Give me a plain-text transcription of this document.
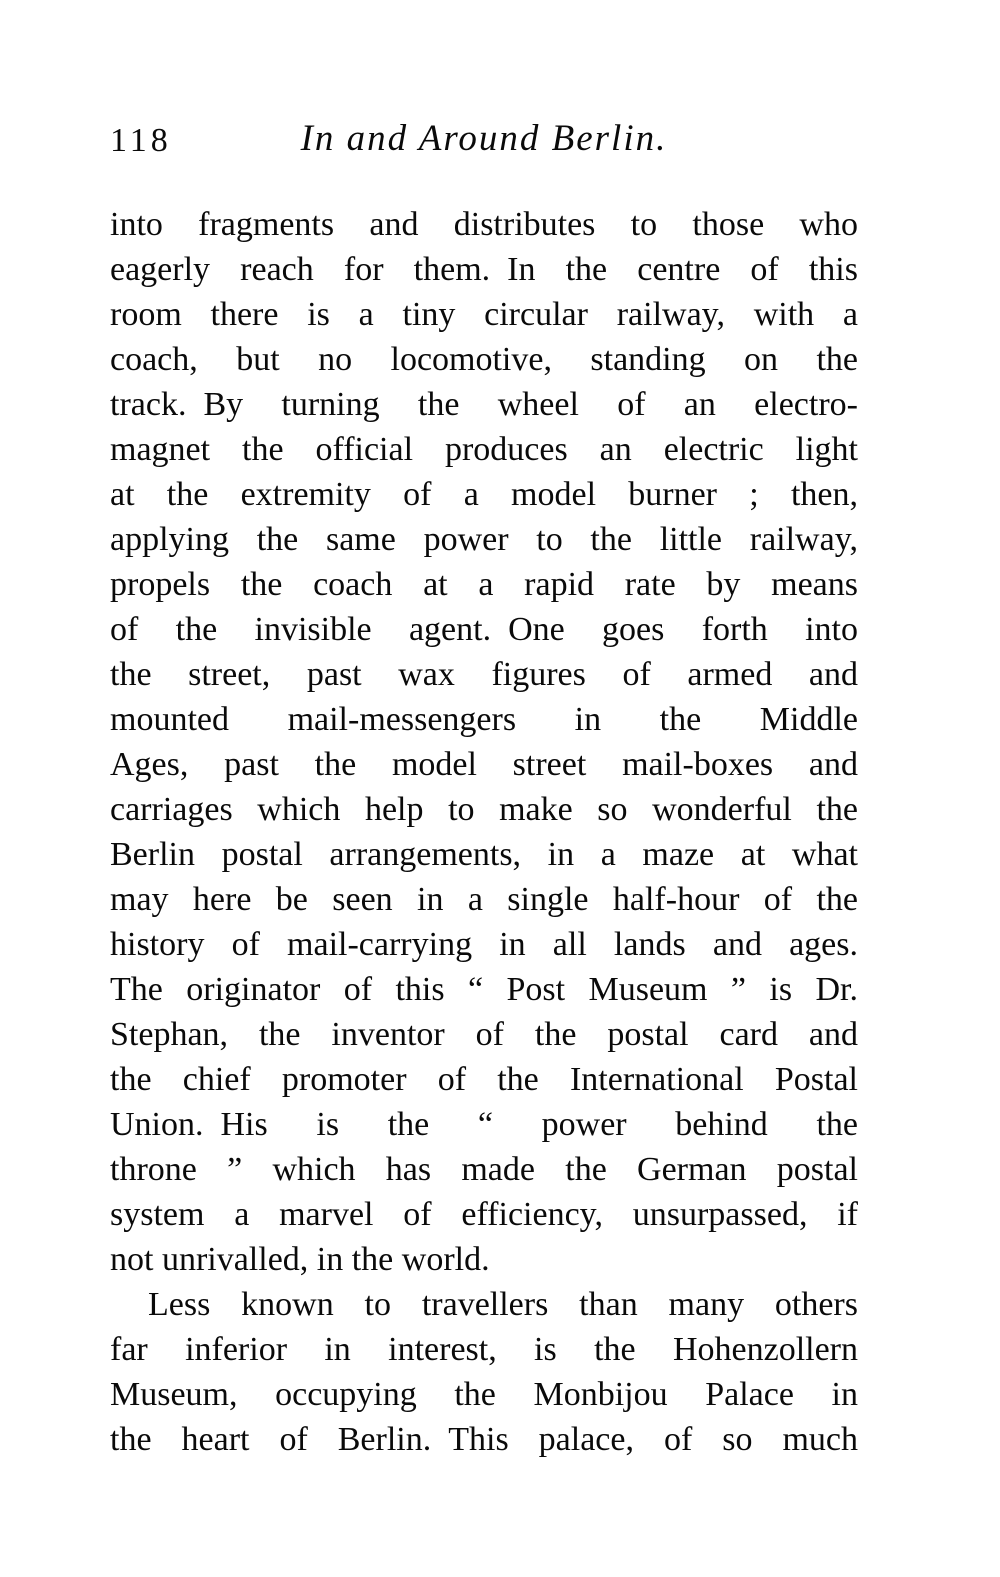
118	In and Around Berlin.
into fragments and distributes to those who
eagerly reach for them. In the centre of this
room there is a tiny circular railway, with a
coach, but no locomotive, standing on the
track. By turning the wheel of an electro-
magnet the official produces an electric light
at the extremity of a model burner ; then,
applying the same power to the little railway,
propels the coach at a rapid rate by means
of the invisible agent. One goes forth into
the street, past wax figures of armed and
mounted mail-messengers in the Middle
Ages, past the model street mail-boxes and
carriages which help to make so wonderful the
Berlin postal arrangements, in a maze at what
may here be seen in a single half-hour of the
history of mail-carrying in all lands and ages.
The originator of this “ Post Museum ” is Dr.
Stephan, the inventor of the postal card and
the chief promoter of the International Postal
Union. His is the “ power behind the
throne ” which has made the German postal
system a marvel of efficiency, unsurpassed, if
not unrivalled, in the world.
Less known to travellers than many others
far inferior in interest, is the Hohenzollern
Museum, occupying the Monbijou Palace in
the heart of Berlin. This palace, of so much
